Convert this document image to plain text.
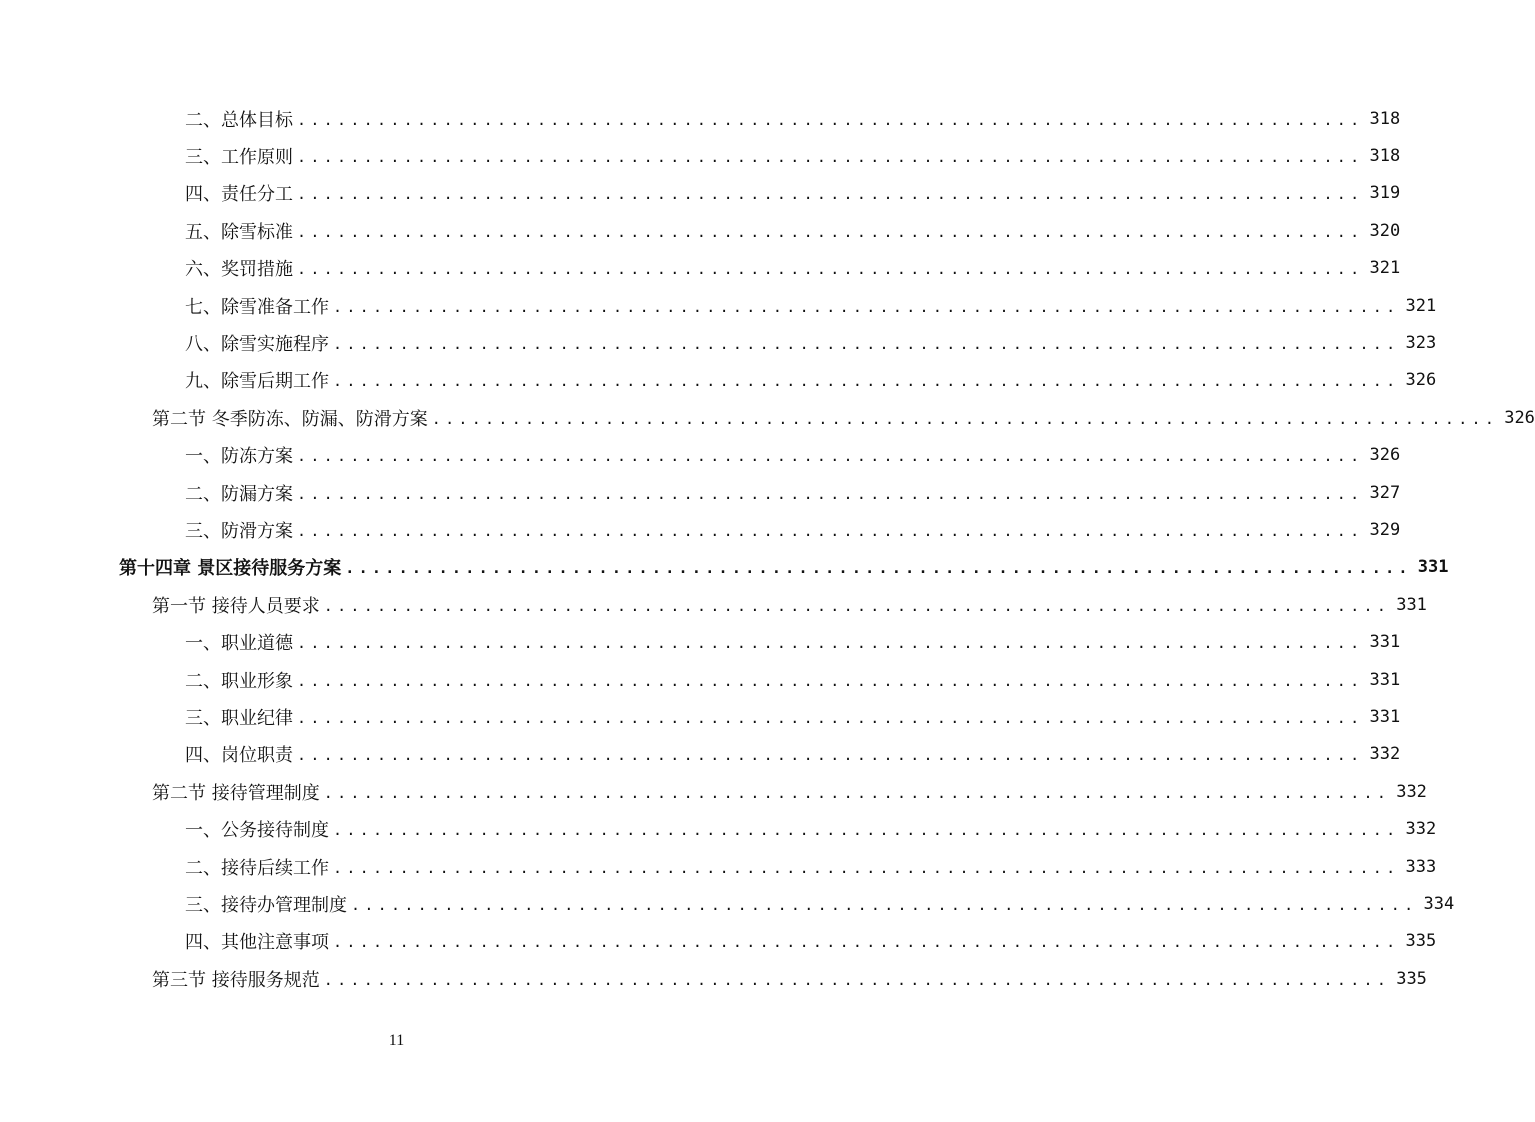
二、总体目标 ................................................................................ 318
三、工作原则 ................................................................................ 318
四、责任分工 ................................................................................ 319
五、除雪标准 ................................................................................ 320
六、奖罚措施 ................................................................................ 321
七、除雪准备工作 ................................................................................ 321
八、除雪实施程序 ................................................................................ 323
九、除雪后期工作 ................................................................................ 326
第二节 冬季防冻、防漏、防滑方案 ................................................................................ 326
一、防冻方案 ................................................................................ 326
二、防漏方案 ................................................................................ 327
三、防滑方案 ................................................................................ 329
第十四章 景区接待服务方案 ................................................................................ 331
第一节 接待人员要求 ................................................................................ 331
一、职业道德 ................................................................................ 331
二、职业形象 ................................................................................ 331
三、职业纪律 ................................................................................ 331
四、岗位职责 ................................................................................ 332
第二节 接待管理制度 ................................................................................ 332
一、公务接待制度 ................................................................................ 332
二、接待后续工作 ................................................................................ 333
三、接待办管理制度 ................................................................................ 334
四、其他注意事项 ................................................................................ 335
第三节 接待服务规范 ................................................................................ 335
11
